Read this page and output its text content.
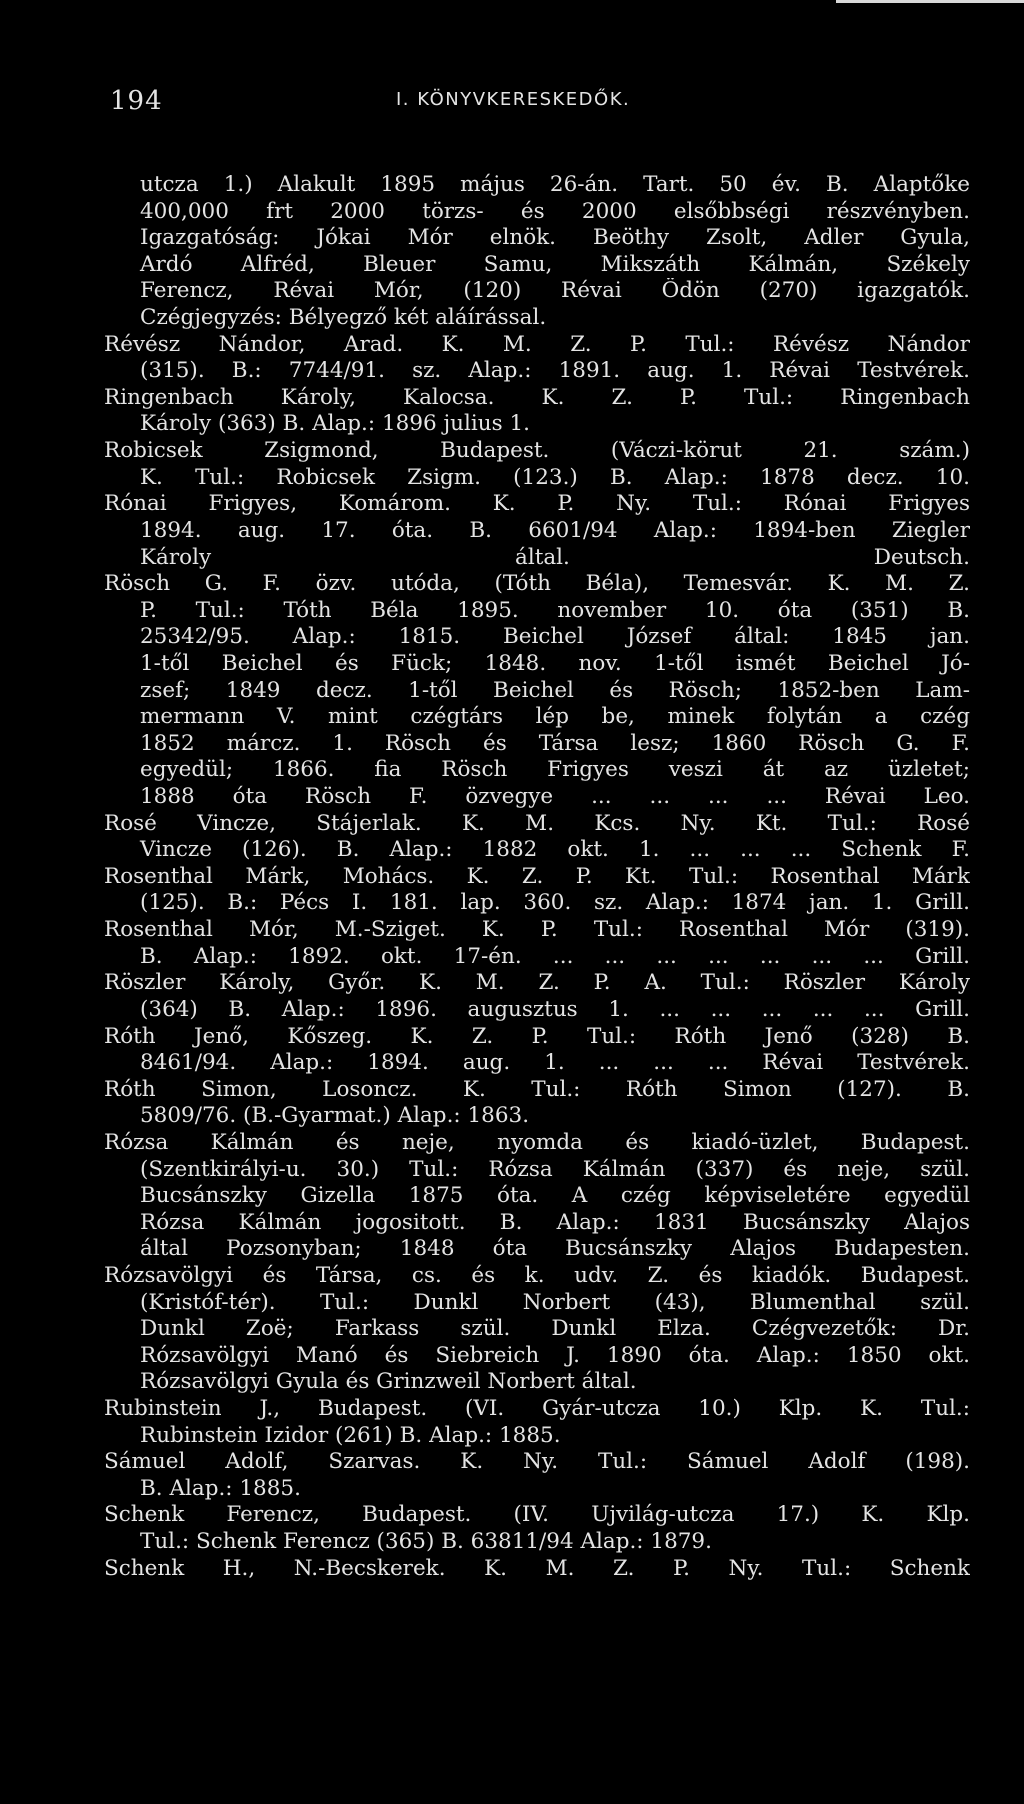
194	I. KÖNYVKERESKEDŐK.
utcza 1.) Alakult 1895 május 26-án. Tart. 50 év. B. Alaptőke
400,000 frt 2000 törzs- és 2000 elsőbbségi részvényben.
Igazgatóság: Jókai Mór elnök. Beöthy Zsolt, Adler Gyula,
Ardó Alfréd, Bleuer Samu, Mikszáth Kálmán, Székely
Ferencz, Révai Mór, (120) Révai Ödön (270) igazgatók.
Czégjegyzés: Bélyegző két aláírással.
Révész Nándor, Arad. K. M. Z. P. Tul.: Révész Nándor
(315). B.: 7744/91. sz. Alap.: 1891. aug. 1. Révai Testvérek.
Ringenbach Károly, Kalocsa. K. Z. P. Tul.: Ringenbach
Károly (363) B. Alap.: 1896 julius 1.
Robicsek Zsigmond, Budapest. (Váczi-körut 21. szám.)
K. Tul.: Robicsek Zsigm. (123.) B. Alap.: 1878 decz. 10.
Rónai Frigyes, Komárom. K. P. Ny. Tul.: Rónai Frigyes
1894. aug. 17. óta. B. 6601/94 Alap.: 1894-ben Ziegler
Károly által. Deutsch.
Rösch G. F. özv. utóda, (Tóth Béla), Temesvár. K. M. Z.
P. Tul.: Tóth Béla 1895. november 10. óta (351) B.
25342/95. Alap.: 1815. Beichel József által: 1845 jan.
1-től Beichel és Fück; 1848. nov. 1-től ismét Beichel Jó-
zsef; 1849 decz. 1-től Beichel és Rösch; 1852-ben Lam-
mermann V. mint czégtárs lép be, minek folytán a czég
1852 márcz. 1. Rösch és Társa lesz; 1860 Rösch G. F.
egyedül; 1866. fia Rösch Frigyes veszi át az üzletet;
1888 óta Rösch F. özvegye ... ... ... ... Révai Leo.
Rosé Vincze, Stájerlak. K. M. Kcs. Ny. Kt. Tul.: Rosé
Vincze (126). B. Alap.: 1882 okt. 1. ... ... ... Schenk F.
Rosenthal Márk, Mohács. K. Z. P. Kt. Tul.: Rosenthal Márk
(125). B.: Pécs I. 181. lap. 360. sz. Alap.: 1874 jan. 1. Grill.
Rosenthal Mór, M.-Sziget. K. P. Tul.: Rosenthal Mór (319).
B. Alap.: 1892. okt. 17-én. ... ... ... ... ... ... ... Grill.
Röszler Károly, Győr. K. M. Z. P. A. Tul.: Röszler Károly
(364) B. Alap.: 1896. augusztus 1. ... ... ... ... ... Grill.
Róth Jenő, Kőszeg. K. Z. P. Tul.: Róth Jenő (328) B.
8461/94. Alap.: 1894. aug. 1. ... ... ... Révai Testvérek.
Róth Simon, Losoncz. K. Tul.: Róth Simon (127). B.
5809/76. (B.-Gyarmat.) Alap.: 1863.
Rózsa Kálmán és neje, nyomda és kiadó-üzlet, Budapest.
(Szentkirályi-u. 30.) Tul.: Rózsa Kálmán (337) és neje, szül.
Bucsánszky Gizella 1875 óta. A czég képviseletére egyedül
Rózsa Kálmán jogositott. B. Alap.: 1831 Bucsánszky Alajos
által Pozsonyban; 1848 óta Bucsánszky Alajos Budapesten.
Rózsavölgyi és Társa, cs. és k. udv. Z. és kiadók. Budapest.
(Kristóf-tér). Tul.: Dunkl Norbert (43), Blumenthal szül.
Dunkl Zoë; Farkass szül. Dunkl Elza. Czégvezetők: Dr.
Rózsavölgyi Manó és Siebreich J. 1890 óta. Alap.: 1850 okt.
Rózsavölgyi Gyula és Grinzweil Norbert által.
Rubinstein J., Budapest. (VI. Gyár-utcza 10.) Klp. K. Tul.:
Rubinstein Izidor (261) B. Alap.: 1885.
Sámuel Adolf, Szarvas. K. Ny. Tul.: Sámuel Adolf (198).
B. Alap.: 1885.
Schenk Ferencz, Budapest. (IV. Ujvilág-utcza 17.) K. Klp.
Tul.: Schenk Ferencz (365) B. 63811/94 Alap.: 1879.
Schenk H., N.-Becskerek. K. M. Z. P. Ny. Tul.: Schenk
